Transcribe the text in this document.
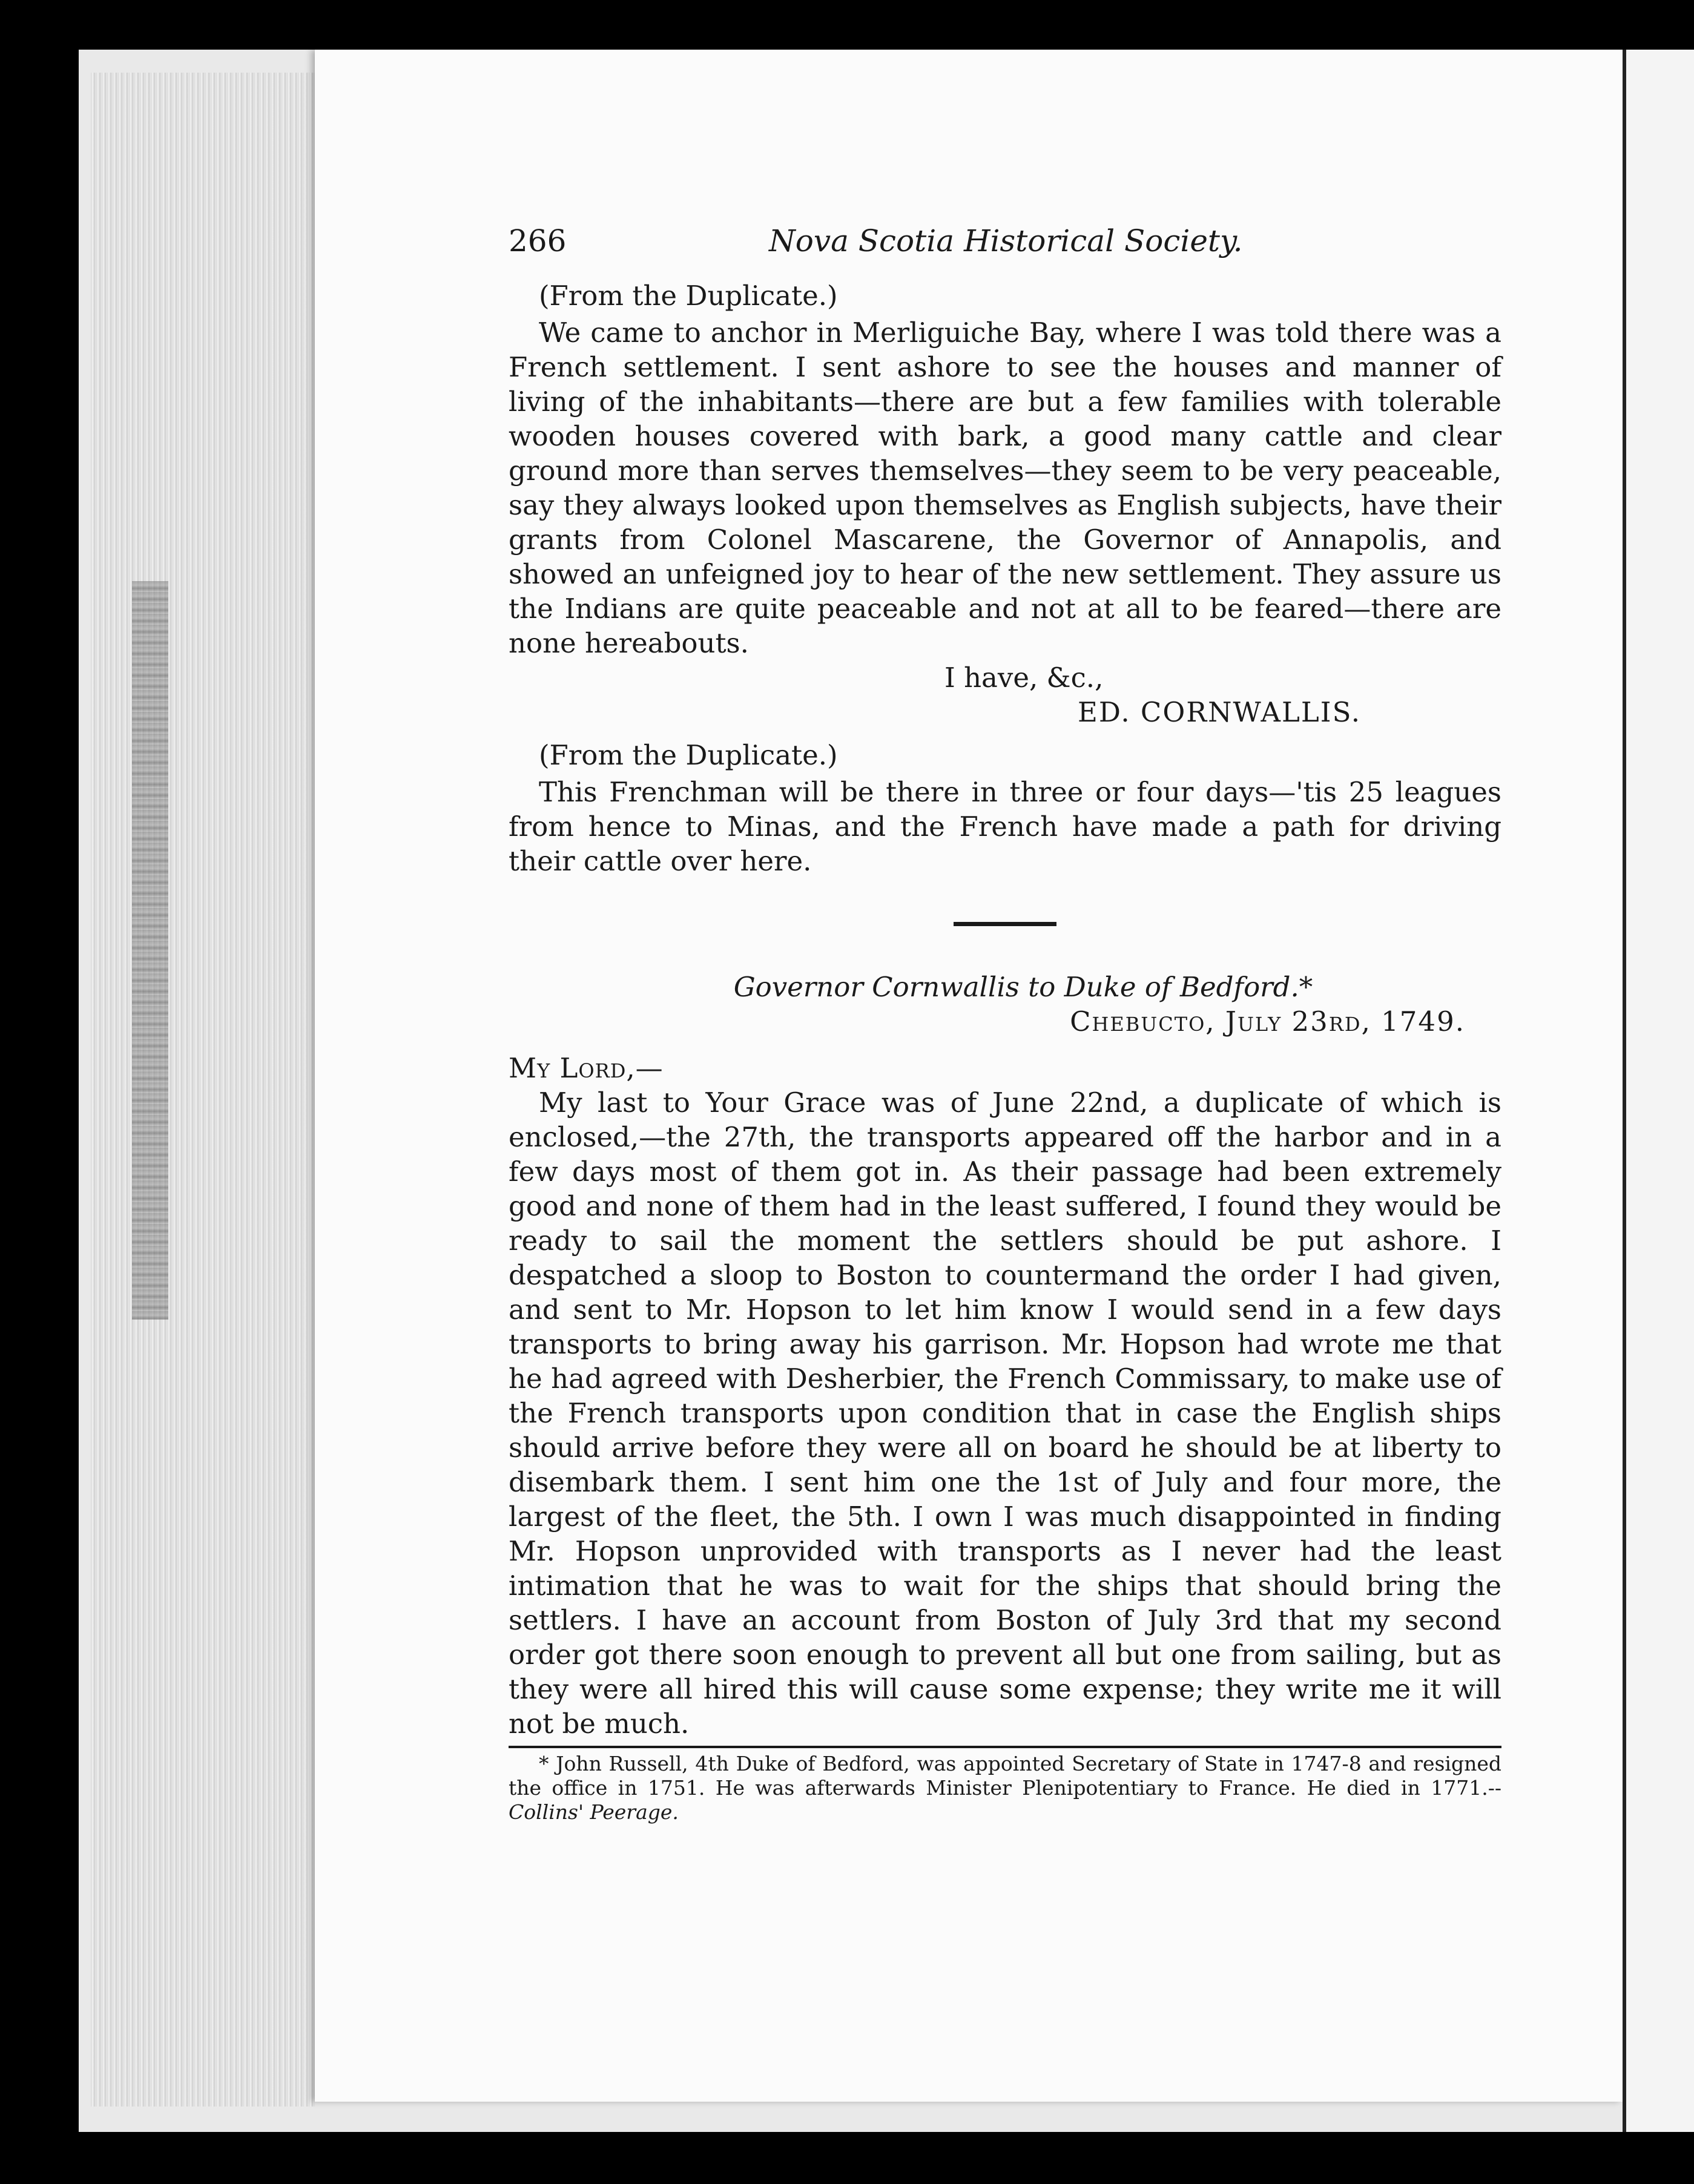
266	Nova Scotia Historical Society.

(From the Duplicate.)

We came to anchor in Merliguiche Bay, where I was told there was a French settlement. I sent ashore to see the houses and manner of living of the inhabitants—there are but a few families with tolerable wooden houses covered with bark, a good many cattle and clear ground more than serves themselves—they seem to be very peaceable, say they always looked upon themselves as English subjects, have their grants from Colonel Mascarene, the Governor of Annapolis, and showed an unfeigned joy to hear of the new settlement. They assure us the Indians are quite peaceable and not at all to be feared—there are none hereabouts.

I have, &c.,

ED. CORNWALLIS.

(From the Duplicate.)

This Frenchman will be there in three or four days—'tis 25 leagues from hence to Minas, and the French have made a path for driving their cattle over here.

Governor Cornwallis to Duke of Bedford.*

Chebucto, July 23rd, 1749.

My Lord,—

My last to Your Grace was of June 22nd, a duplicate of which is enclosed,—the 27th, the transports appeared off the harbor and in a few days most of them got in. As their passage had been extremely good and none of them had in the least suffered, I found they would be ready to sail the moment the settlers should be put ashore. I despatched a sloop to Boston to countermand the order I had given, and sent to Mr. Hopson to let him know I would send in a few days transports to bring away his garrison. Mr. Hopson had wrote me that he had agreed with Desherbier, the French Commissary, to make use of the French transports upon condition that in case the English ships should arrive before they were all on board he should be at liberty to disembark them. I sent him one the 1st of July and four more, the largest of the fleet, the 5th. I own I was much disappointed in finding Mr. Hopson unprovided with transports as I never had the least intimation that he was to wait for the ships that should bring the settlers. I have an account from Boston of July 3rd that my second order got there soon enough to prevent all but one from sailing, but as they were all hired this will cause some expense; they write me it will not be much.

* John Russell, 4th Duke of Bedford, was appointed Secretary of State in 1747-8 and resigned the office in 1751. He was afterwards Minister Plenipotentiary to France. He died in 1771.--Collins' Peerage.
